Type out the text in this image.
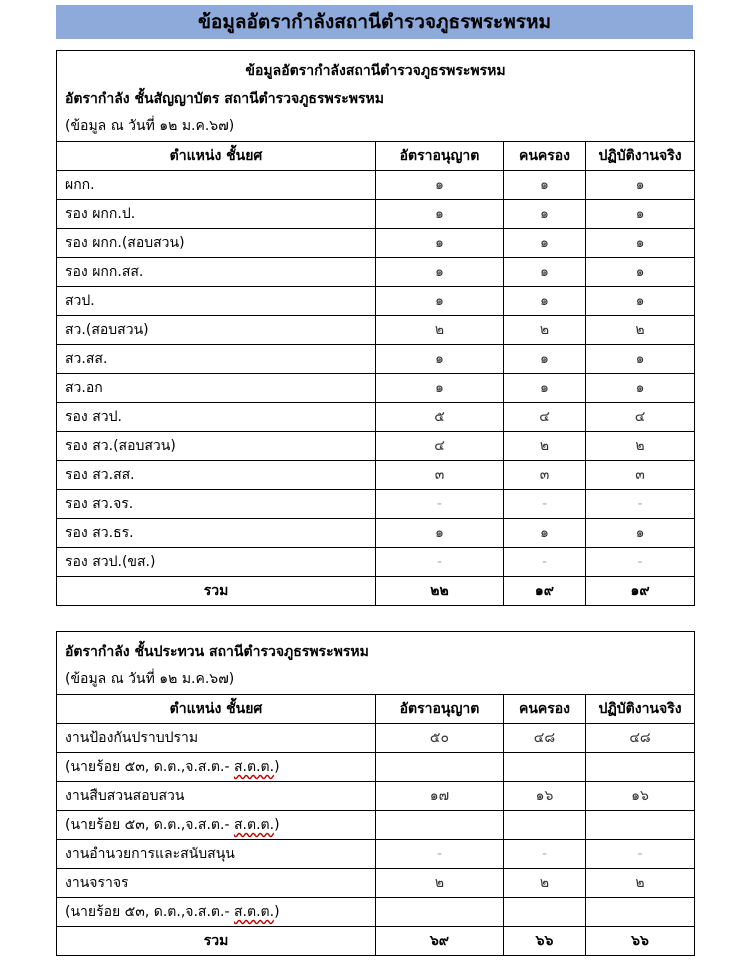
ข้อมูลอัตรากำลังสถานีตำรวจภูธรพระพรหม
ข้อมูลอัตรากำลังสถานีตำรวจภูธรพระพรหม
อัตรากำลัง ชั้นสัญญาบัตร สถานีตำรวจภูธรพระพรหม
(ข้อมูล ณ วันที่ ๑๒ ม.ค.๖๗)			

ตำแหน่ง ชั้นยศ	อัตราอนุญาต	คนครอง	ปฏิบัติงานจริง
ผกก.	๑	๑	๑
รอง ผกก.ป.	๑	๑	๑
รอง ผกก.(สอบสวน)	๑	๑	๑
รอง ผกก.สส.	๑	๑	๑
สวป.	๑	๑	๑
สว.(สอบสวน)	๒	๒	๒
สว.สส.	๑	๑	๑
สว.อก	๑	๑	๑
รอง สวป.	๕	๔	๔
รอง สว.(สอบสวน)	๔	๒	๒
รอง สว.สส.	๓	๓	๓
รอง สว.จร.	-	-	-
รอง สว.ธร.	๑	๑	๑
รอง สวป.(ขส.)	-	-	-
รวม	๒๒	๑๙	๑๙
อัตรากำลัง ชั้นประทวน สถานีตำรวจภูธรพระพรหม
(ข้อมูล ณ วันที่ ๑๒ ม.ค.๖๗)			

ตำแหน่ง ชั้นยศ	อัตราอนุญาต	คนครอง	ปฏิบัติงานจริง
งานป้องกันปราบปราม	๕๐	๔๘	๔๘
(นายร้อย ๕๓, ด.ต.,จ.ส.ต.- ส.ต.ต.)			
งานสืบสวนสอบสวน	๑๗	๑๖	๑๖
(นายร้อย ๕๓, ด.ต.,จ.ส.ต.- ส.ต.ต.)			
งานอำนวยการและสนับสนุน	-	-	-
งานจราจร	๒	๒	๒
(นายร้อย ๕๓, ด.ต.,จ.ส.ต.- ส.ต.ต.)			
รวม	๖๙	๖๖	๖๖
